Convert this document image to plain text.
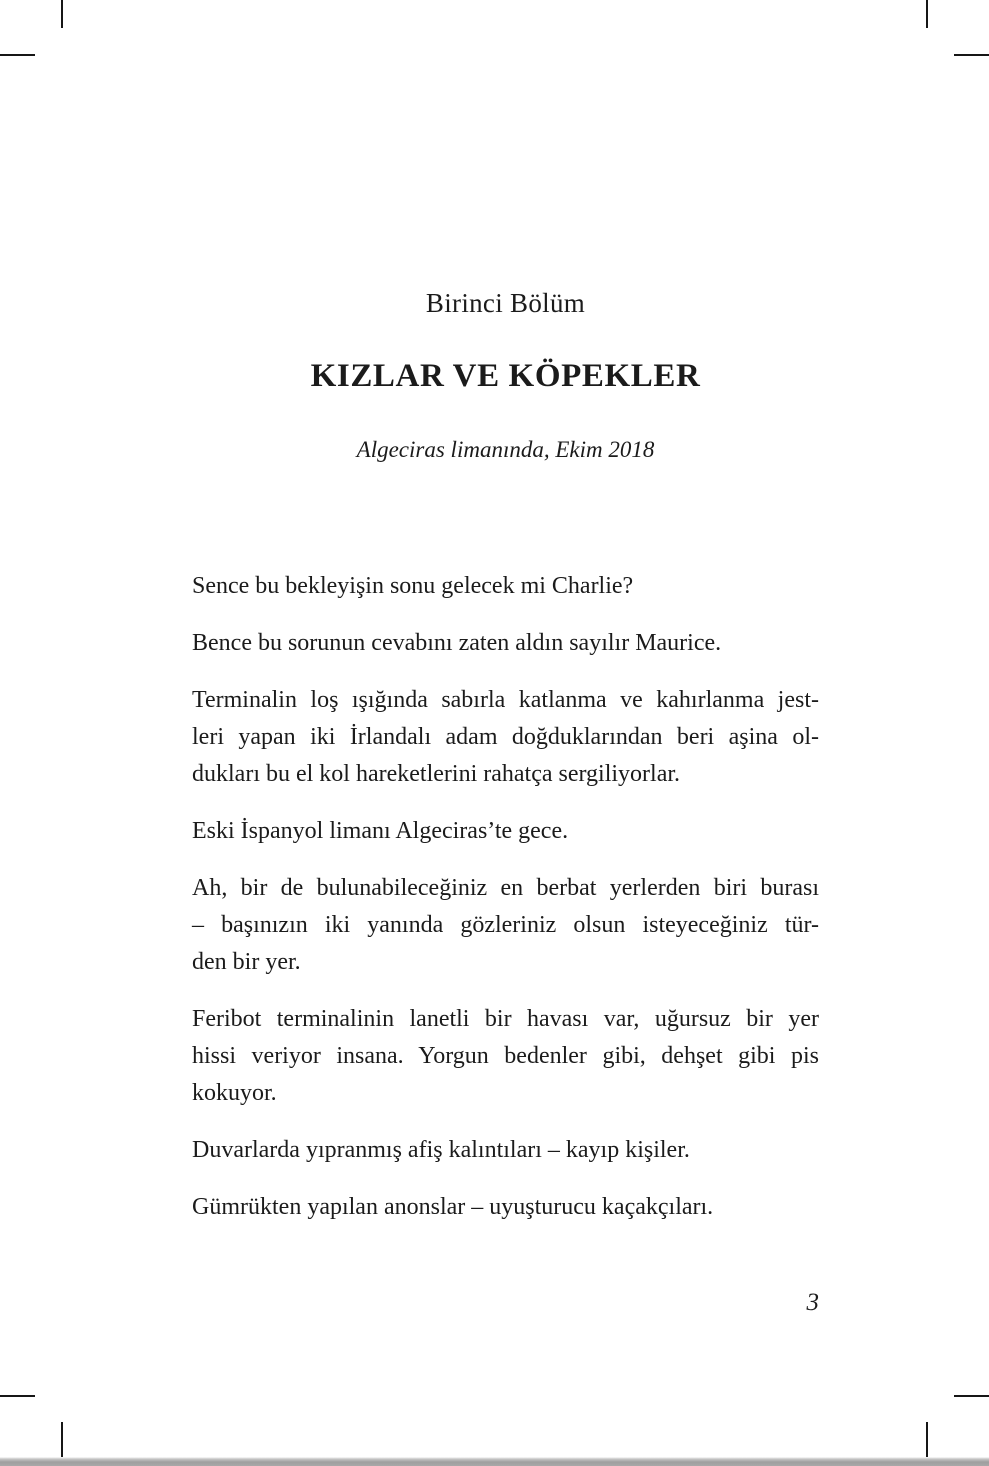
Birinci Bölüm
KIZLAR VE KÖPEKLER
Algeciras limanında, Ekim 2018

Sence bu bekleyişin sonu gelecek mi Charlie?

Bence bu sorunun cevabını zaten aldın sayılır Maurice.

Terminalin loş ışığında sabırla katlanma ve kahırlanma jest-
leri yapan iki İrlandalı adam doğduklarından beri aşina ol-
dukları bu el kol hareketlerini rahatça sergiliyorlar.

Eski İspanyol limanı Algeciras’te gece.

Ah, bir de bulunabileceğiniz en berbat yerlerden biri burası
– başınızın iki yanında gözleriniz olsun isteyeceğiniz tür-
den bir yer.

Feribot terminalinin lanetli bir havası var, uğursuz bir yer
hissi veriyor insana. Yorgun bedenler gibi, dehşet gibi pis
kokuyor.

Duvarlarda yıpranmış afiş kalıntıları – kayıp kişiler.

Gümrükten yapılan anonslar – uyuşturucu kaçakçıları.

3
